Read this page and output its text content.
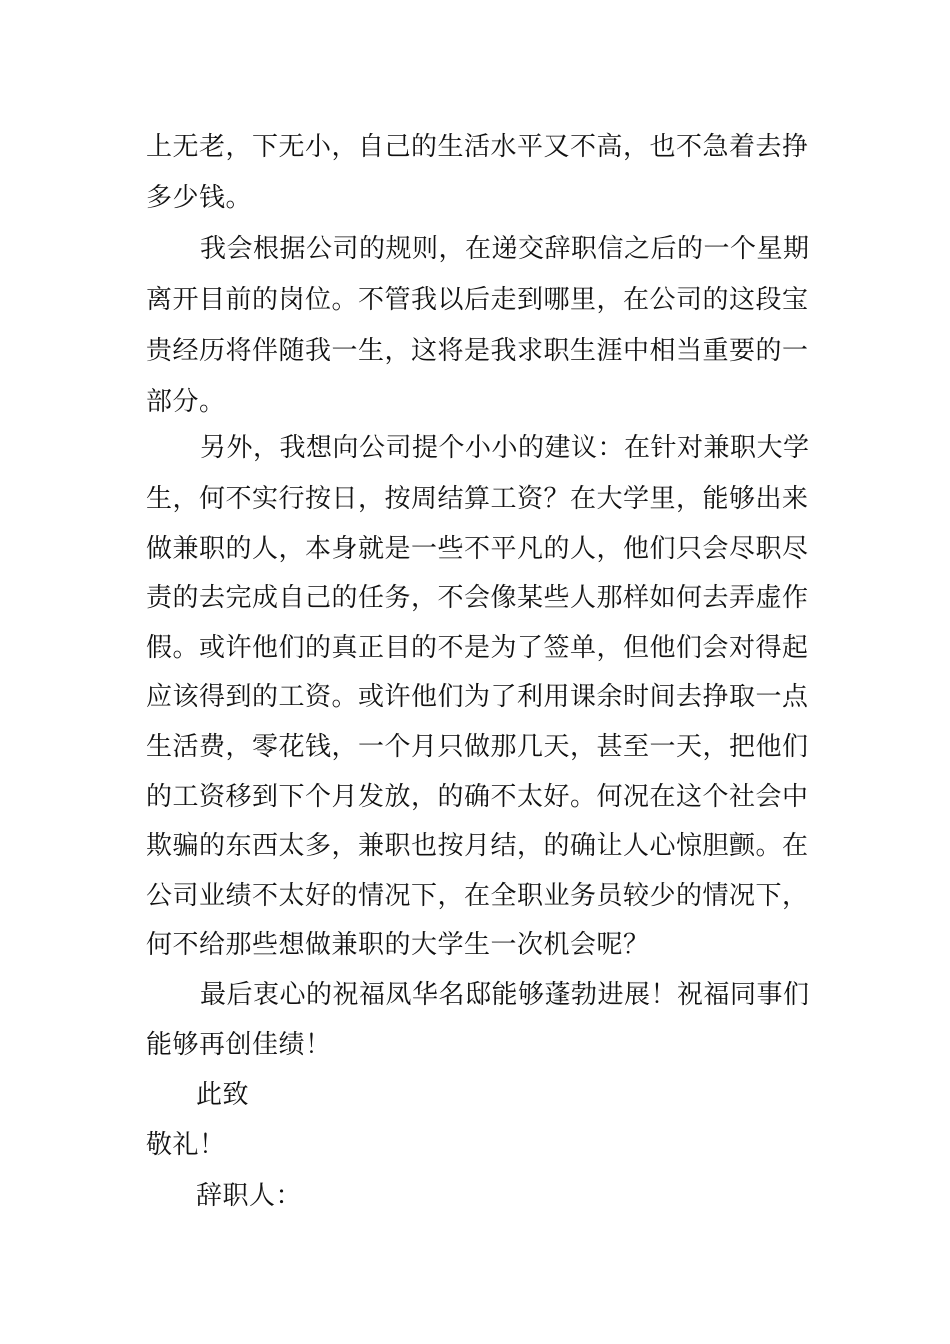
上无老，下无小，自己的生活水平又不高，也不急着去挣
多少钱。
我会根据公司的规则，在递交辞职信之后的一个星期
离开目前的岗位。不管我以后走到哪里，在公司的这段宝
贵经历将伴随我一生，这将是我求职生涯中相当重要的一
部分。
另外，我想向公司提个小小的建议：在针对兼职大学
生，何不实行按日，按周结算工资？在大学里，能够出来
做兼职的人，本身就是一些不平凡的人，他们只会尽职尽
责的去完成自己的任务，不会像某些人那样如何去弄虚作
假。或许他们的真正目的不是为了签单，但他们会对得起
应该得到的工资。或许他们为了利用课余时间去挣取一点
生活费，零花钱，一个月只做那几天，甚至一天，把他们
的工资移到下个月发放，的确不太好。何况在这个社会中
欺骗的东西太多，兼职也按月结，的确让人心惊胆颤。在
公司业绩不太好的情况下，在全职业务员较少的情况下，
何不给那些想做兼职的大学生一次机会呢？
最后衷心的祝福凤华名邸能够蓬勃进展！祝福同事们
能够再创佳绩！
此致
敬礼！
辞职人：
